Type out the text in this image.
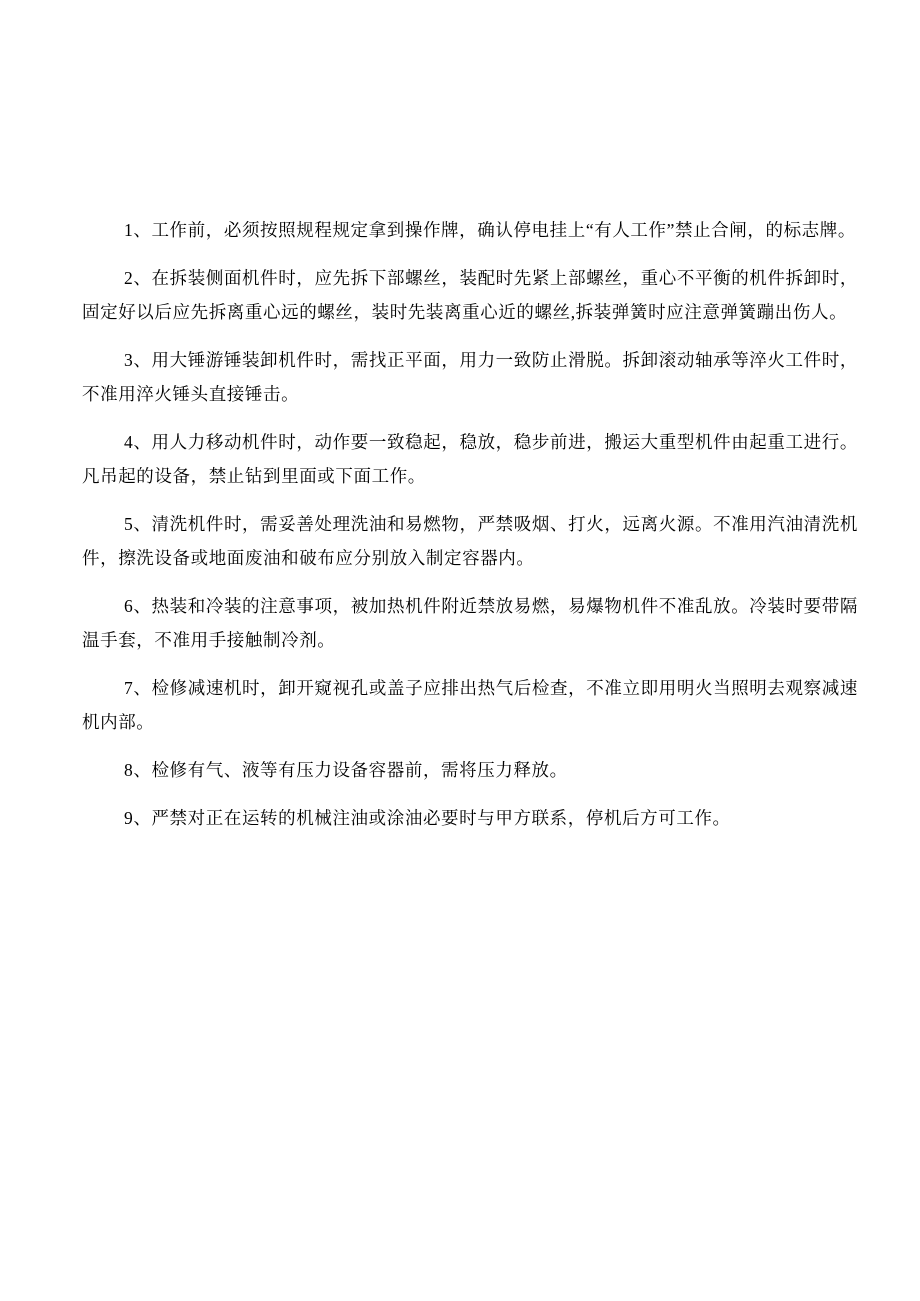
1、工作前，必须按照规程规定拿到操作牌，确认停电挂上“有人工作”禁止合闸，的标志牌。

2、在拆装侧面机件时，应先拆下部螺丝，装配时先紧上部螺丝，重心不平衡的机件拆卸时，固定好以后应先拆离重心远的螺丝，装时先装离重心近的螺丝,拆装弹簧时应注意弹簧蹦出伤人。

3、用大锤游锤装卸机件时，需找正平面，用力一致防止滑脱。拆卸滚动轴承等淬火工件时，不准用淬火锤头直接锤击。

4、用人力移动机件时，动作要一致稳起，稳放，稳步前进，搬运大重型机件由起重工进行。凡吊起的设备，禁止钻到里面或下面工作。

5、清洗机件时，需妥善处理洗油和易燃物，严禁吸烟、打火，远离火源。不准用汽油清洗机件，擦洗设备或地面废油和破布应分别放入制定容器内。

6、热装和冷装的注意事项，被加热机件附近禁放易燃，易爆物机件不准乱放。冷装时要带隔温手套，不准用手接触制冷剂。

7、检修减速机时，卸开窥视孔或盖子应排出热气后检查，不准立即用明火当照明去观察减速机内部。

8、检修有气、液等有压力设备容器前，需将压力释放。

9、严禁对正在运转的机械注油或涂油必要时与甲方联系，停机后方可工作。
